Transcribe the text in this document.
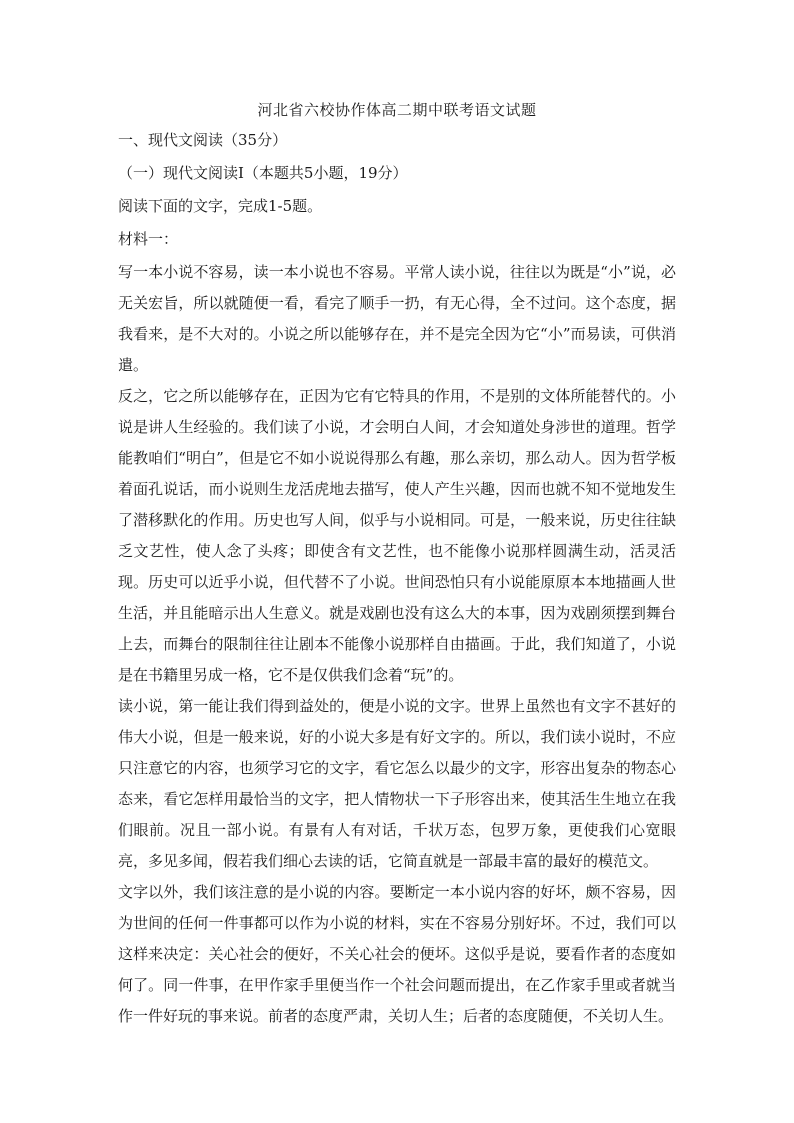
河北省六校协作体高二期中联考语文试题
一、现代文阅读（35分）
（一）现代文阅读Ⅰ（本题共5小题，19分）
阅读下面的文字，完成1-5题。
材料一：

写一本小说不容易，读一本小说也不容易。平常人读小说，往往以为既是“小”说，必无关宏旨，所以就随便一看，看完了顺手一扔，有无心得，全不过问。这个态度，据我看来，是不大对的。小说之所以能够存在，并不是完全因为它“小”而易读，可供消遣。

反之，它之所以能够存在，正因为它有它特具的作用，不是别的文体所能替代的。小说是讲人生经验的。我们读了小说，才会明白人间，才会知道处身涉世的道理。哲学能教咱们“明白”，但是它不如小说说得那么有趣，那么亲切，那么动人。因为哲学板着面孔说话，而小说则生龙活虎地去描写，使人产生兴趣，因而也就不知不觉地发生了潜移默化的作用。历史也写人间，似乎与小说相同。可是，一般来说，历史往往缺乏文艺性，使人念了头疼；即使含有文艺性，也不能像小说那样圆满生动，活灵活现。历史可以近乎小说，但代替不了小说。世间恐怕只有小说能原原本本地描画人世生活，并且能暗示出人生意义。就是戏剧也没有这么大的本事，因为戏剧须摆到舞台上去，而舞台的限制往往让剧本不能像小说那样自由描画。于此，我们知道了，小说是在书籍里另成一格，它不是仅供我们念着“玩”的。

读小说，第一能让我们得到益处的，便是小说的文字。世界上虽然也有文字不甚好的伟大小说，但是一般来说，好的小说大多是有好文字的。所以，我们读小说时，不应只注意它的内容，也须学习它的文字，看它怎么以最少的文字，形容出复杂的物态心态来，看它怎样用最恰当的文字，把人情物状一下子形容出来，使其活生生地立在我们眼前。况且一部小说。有景有人有对话，千状万态，包罗万象，更使我们心宽眼亮，多见多闻，假若我们细心去读的话，它简直就是一部最丰富的最好的模范文。

文字以外，我们该注意的是小说的内容。要断定一本小说内容的好坏，颇不容易，因为世间的任何一件事都可以作为小说的材料，实在不容易分别好坏。不过，我们可以这样来决定：关心社会的便好，不关心社会的便坏。这似乎是说，要看作者的态度如何了。同一件事，在甲作家手里便当作一个社会问题而提出，在乙作家手里或者就当作一件好玩的事来说。前者的态度严肃，关切人生；后者的态度随便，不关切人生。
